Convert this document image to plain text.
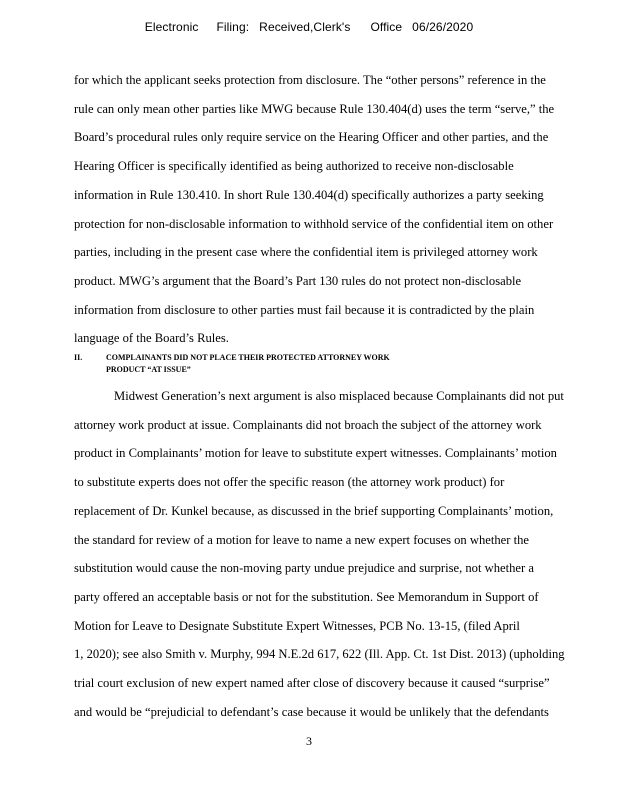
Electronic Filing: Received,Clerk's Office 06/26/2020
for which the applicant seeks protection from disclosure. The “other persons” reference in the
rule can only mean other parties like MWG because Rule 130.404(d) uses the term “serve,” the
Board’s procedural rules only require service on the Hearing Officer and other parties, and the
Hearing Officer is specifically identified as being authorized to receive non-disclosable
information in Rule 130.410. In short Rule 130.404(d) specifically authorizes a party seeking
protection for non-disclosable information to withhold service of the confidential item on other
parties, including in the present case where the confidential item is privileged attorney work
product. MWG’s argument that the Board’s Part 130 rules do not protect non-disclosable
information from disclosure to other parties must fail because it is contradicted by the plain
language of the Board’s Rules.
II.	COMPLAINANTS DID NOT PLACE THEIR PROTECTED ATTORNEY WORK
PRODUCT “AT ISSUE”
Midwest Generation’s next argument is also misplaced because Complainants did not put
attorney work product at issue. Complainants did not broach the subject of the attorney work
product in Complainants’ motion for leave to substitute expert witnesses. Complainants’ motion
to substitute experts does not offer the specific reason (the attorney work product) for
replacement of Dr. Kunkel because, as discussed in the brief supporting Complainants’ motion,
the standard for review of a motion for leave to name a new expert focuses on whether the
substitution would cause the non-moving party undue prejudice and surprise, not whether a
party offered an acceptable basis or not for the substitution. See Memorandum in Support of
Motion for Leave to Designate Substitute Expert Witnesses, PCB No. 13-15, (filed April
1, 2020); see also Smith v. Murphy, 994 N.E.2d 617, 622 (Ill. App. Ct. 1st Dist. 2013) (upholding
trial court exclusion of new expert named after close of discovery because it caused “surprise”
and would be “prejudicial to defendant’s case because it would be unlikely that the defendants
3
